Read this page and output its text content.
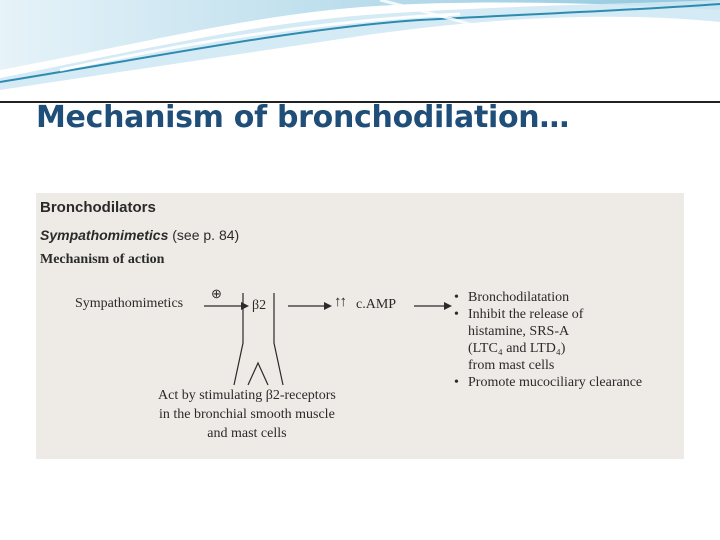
Mechanism of bronchodilation…
Bronchodilators
Sympathomimetics (see p. 84)
Mechanism of action
Sympathomimetics
⊕
β2	↑↑ c.AMP
•	Bronchodilatation
• Inhibit the release of
histamine, SRS-A
(LTC₄ and LTD₄)
from mast cells
• Promote mucociliary clearance
Act by stimulating β2-receptors
in the bronchial smooth muscle
and mast cells
